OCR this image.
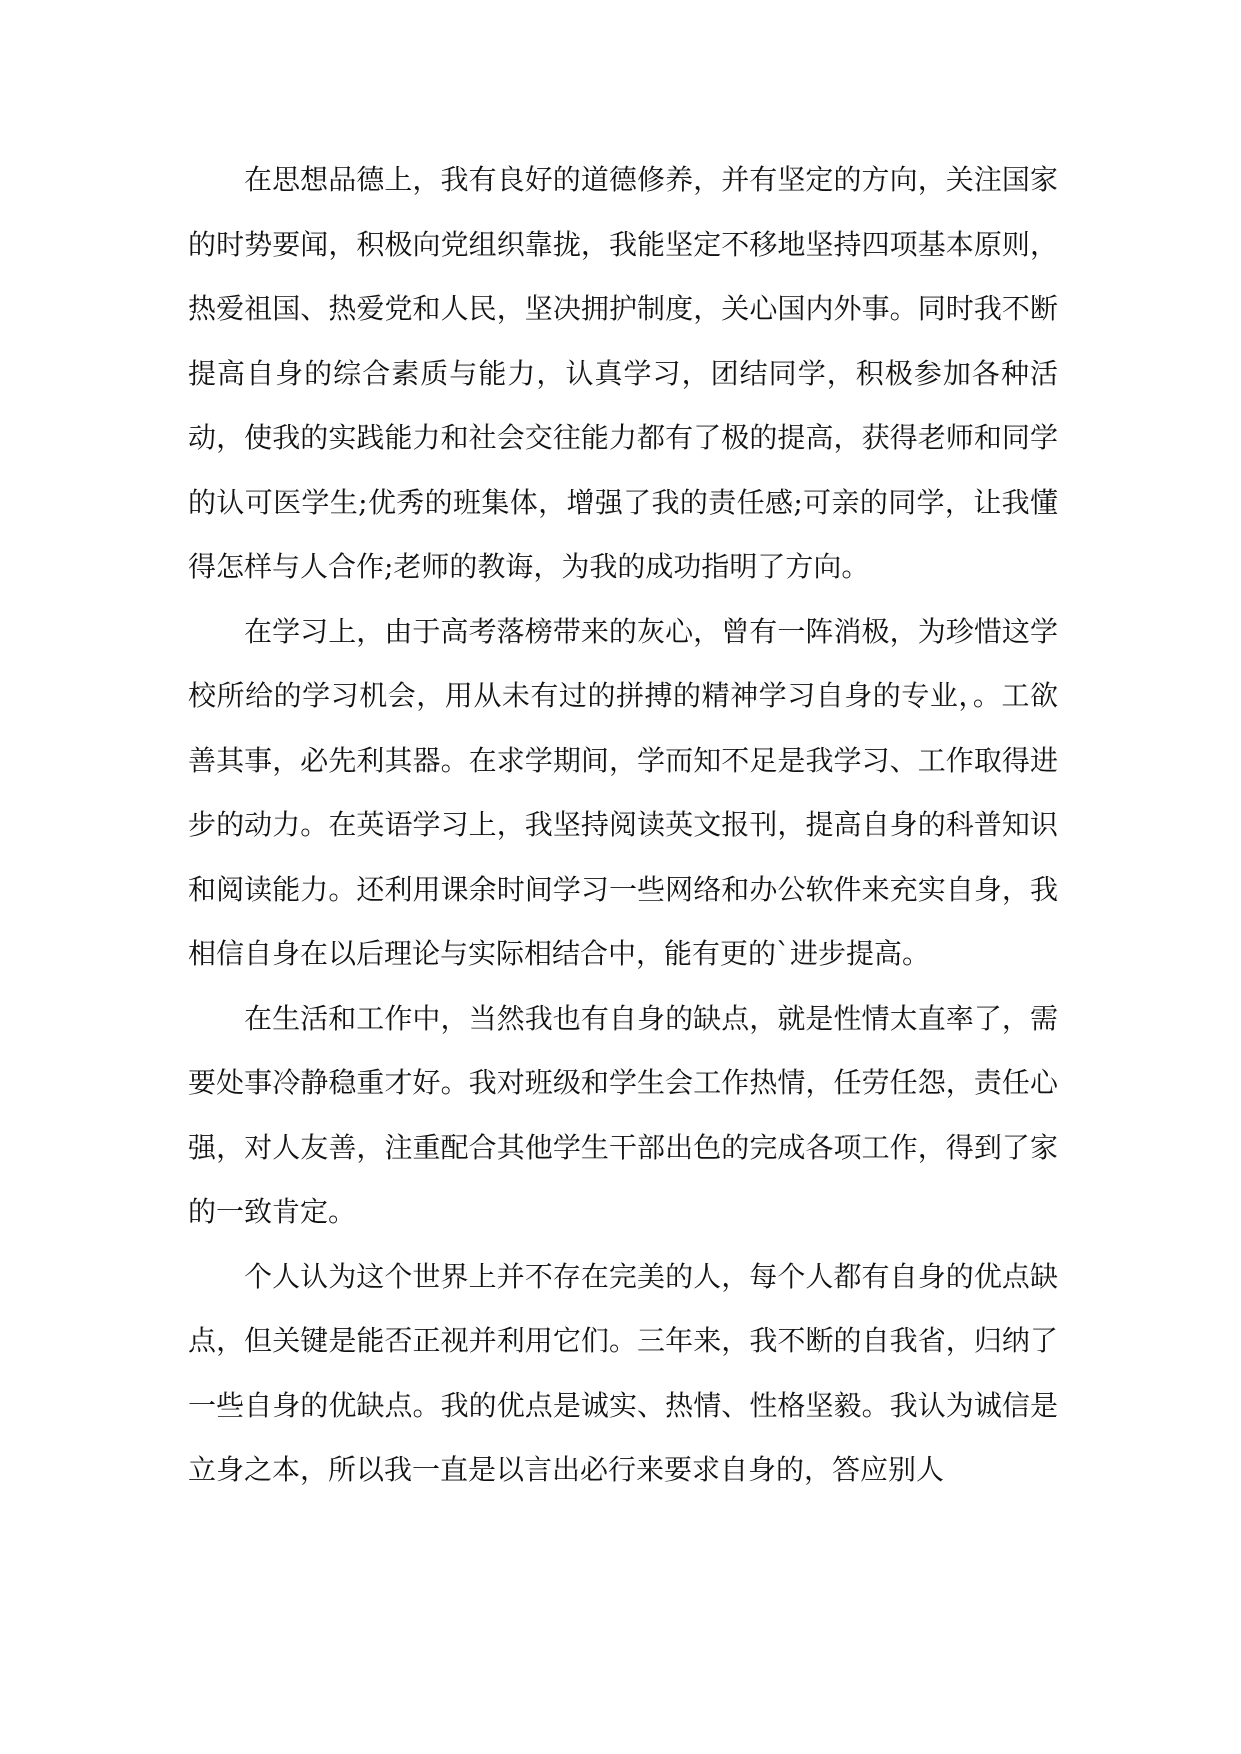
在思想品德上，我有良好的道德修养，并有坚定的方向，关注国家的时势要闻，积极向党组织靠拢，我能坚定不移地坚持四项基本原则，热爱祖国、热爱党和人民，坚决拥护制度，关心国内外事。同时我不断提高自身的综合素质与能力，认真学习，团结同学，积极参加各种活动，使我的实践能力和社会交往能力都有了极的提高，获得老师和同学的认可医学生;优秀的班集体，增强了我的责任感;可亲的同学，让我懂得怎样与人合作;老师的教诲，为我的成功指明了方向。

在学习上，由于高考落榜带来的灰心，曾有一阵消极，为珍惜这学校所给的学习机会，用从未有过的拼搏的精神学习自身的专业，。工欲善其事，必先利其器。在求学期间，学而知不足是我学习、工作取得进步的动力。在英语学习上，我坚持阅读英文报刊，提高自身的科普知识和阅读能力。还利用课余时间学习一些网络和办公软件来充实自身，我相信自身在以后理论与实际相结合中，能有更的`进步提高。

在生活和工作中，当然我也有自身的缺点，就是性情太直率了，需要处事冷静稳重才好。我对班级和学生会工作热情，任劳任怨，责任心强，对人友善，注重配合其他学生干部出色的完成各项工作，得到了家的一致肯定。

个人认为这个世界上并不存在完美的人，每个人都有自身的优点缺点，但关键是能否正视并利用它们。三年来，我不断的自我省，归纳了一些自身的优缺点。我的优点是诚实、热情、性格坚毅。我认为诚信是立身之本，所以我一直是以言出必行来要求自身的，答应别人
